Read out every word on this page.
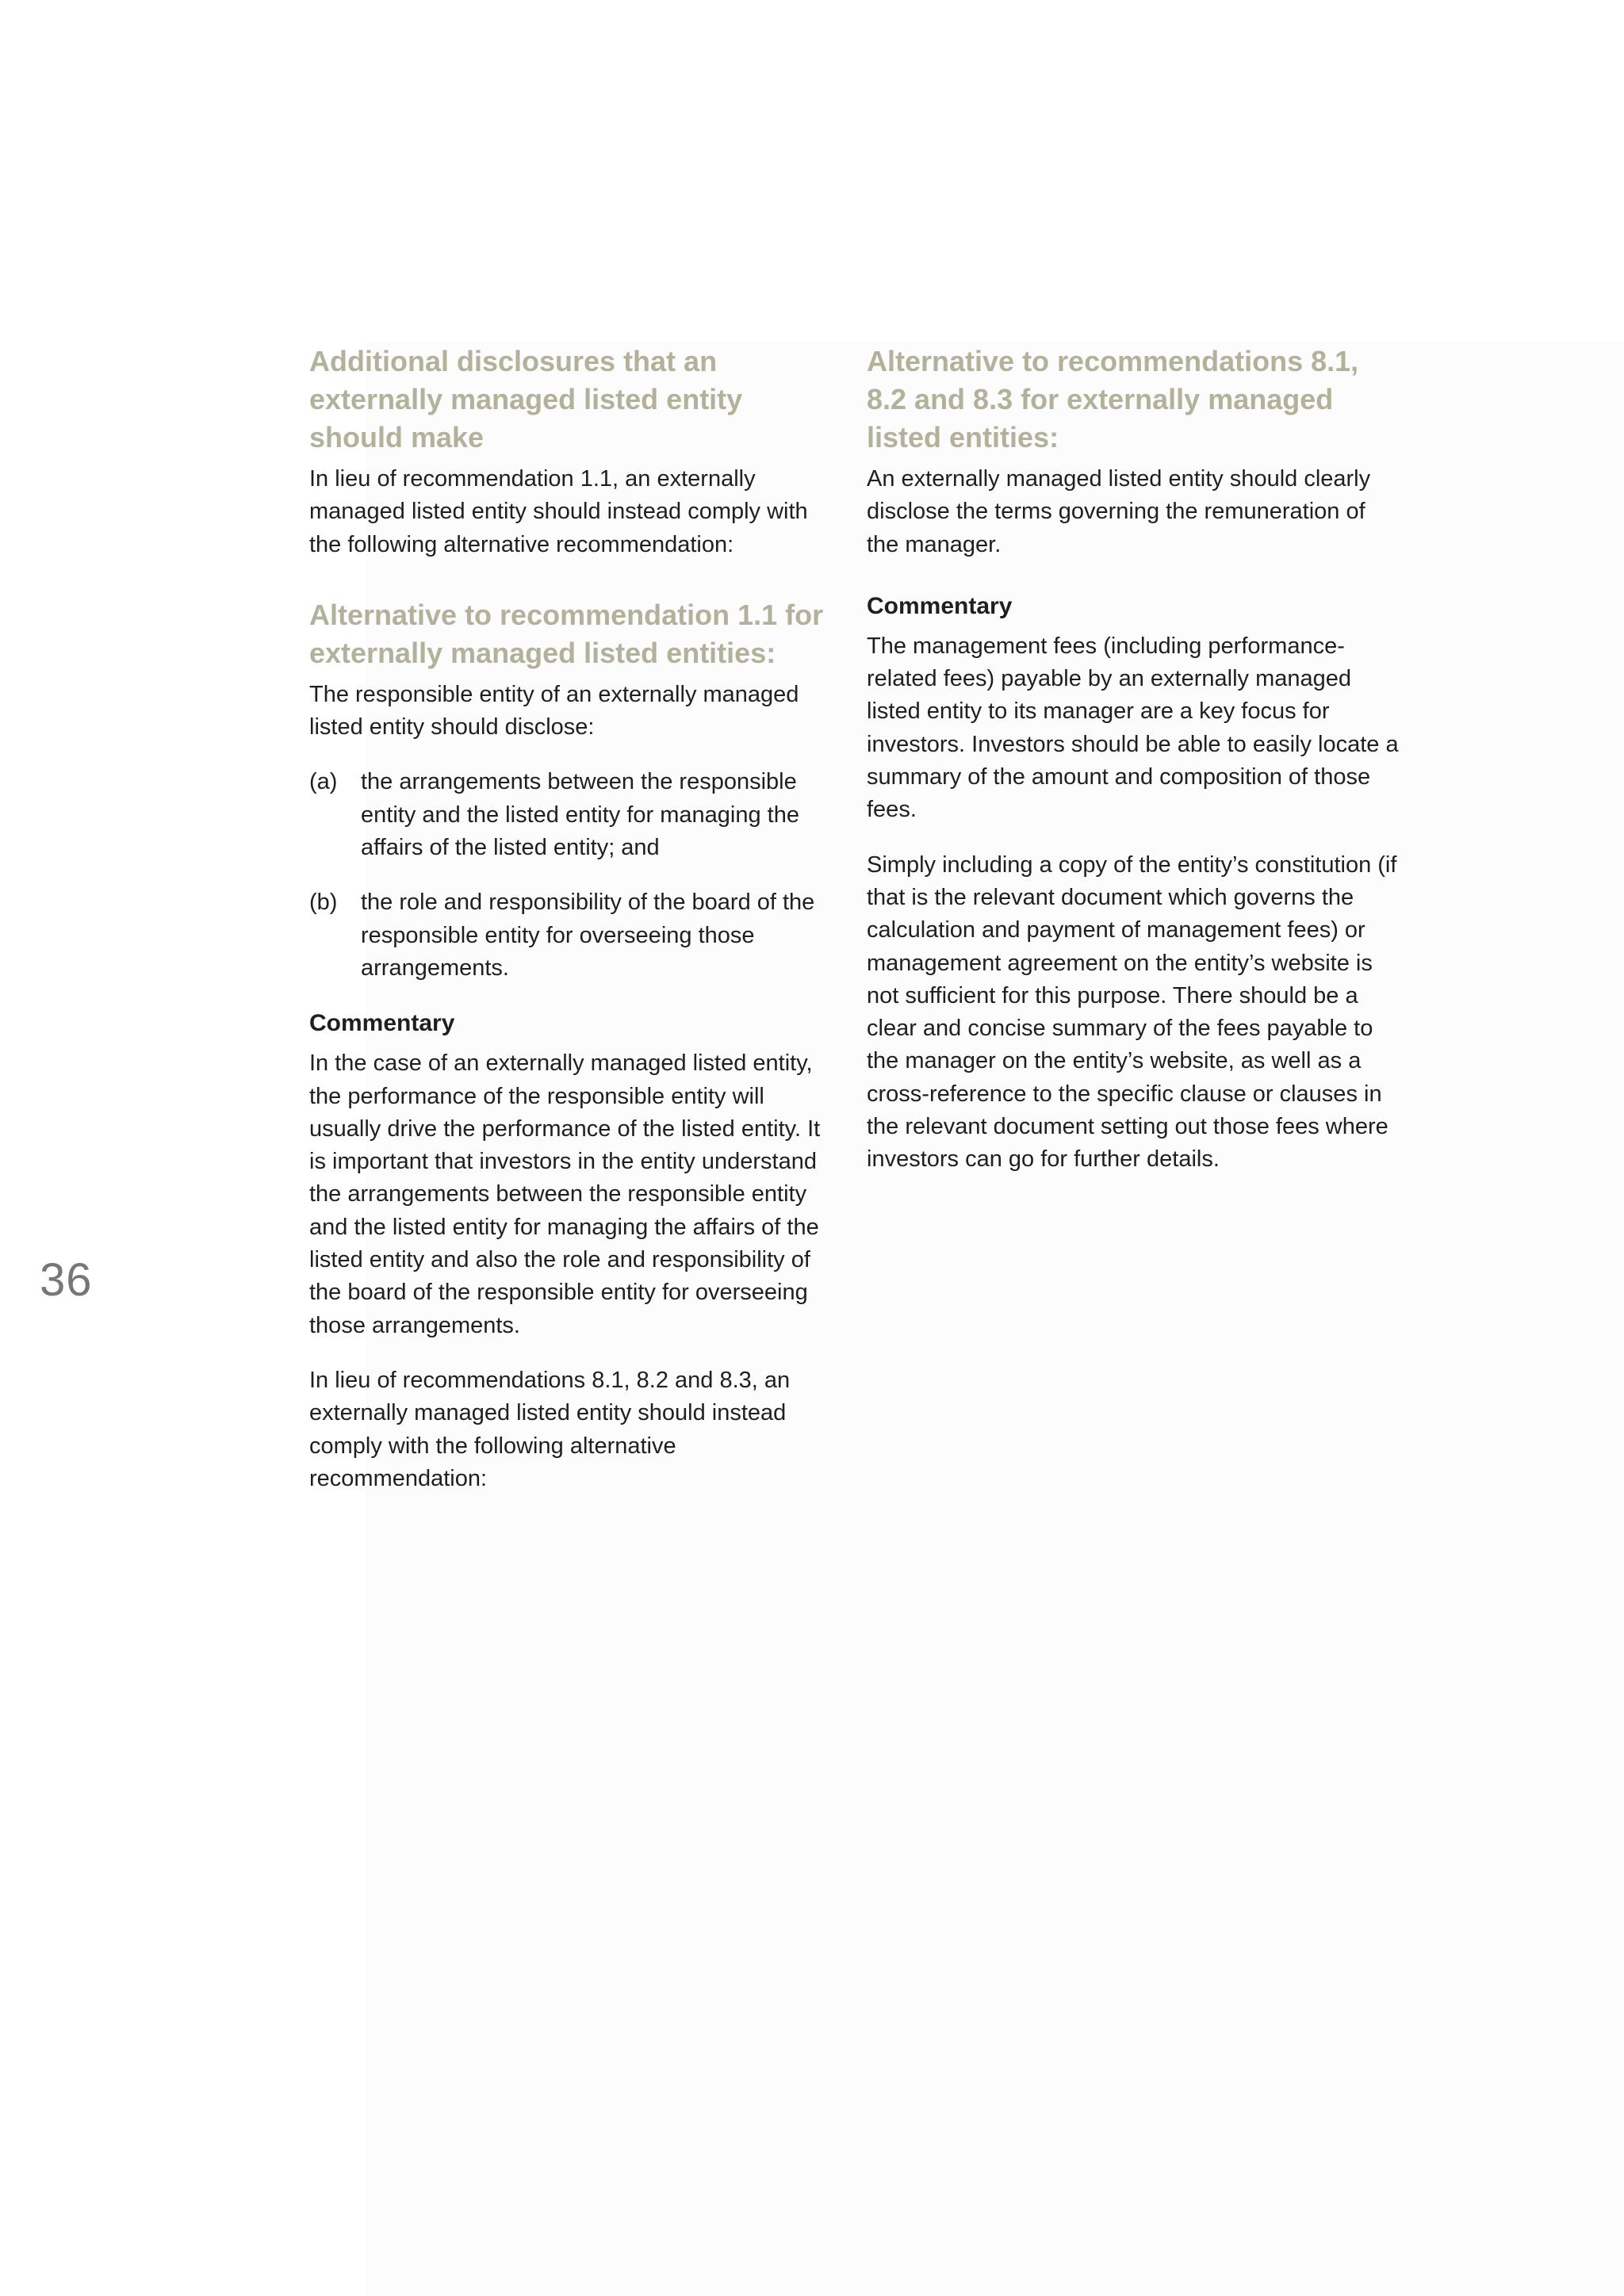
36
Additional disclosures that an externally managed listed entity should make

In lieu of recommendation 1.1, an externally managed listed entity should instead comply with the following alternative recommendation:

Alternative to recommendation 1.1 for externally managed listed entities:

The responsible entity of an externally managed listed entity should disclose:

(a)	the arrangements between the responsible entity and the listed entity for managing the affairs of the listed entity; and
(b)	the role and responsibility of the board of the responsible entity for overseeing those arrangements.
Commentary

In the case of an externally managed listed entity, the performance of the responsible entity will usually drive the performance of the listed entity. It is important that investors in the entity understand the arrangements between the responsible entity and the listed entity for managing the affairs of the listed entity and also the role and responsibility of the board of the responsible entity for overseeing those arrangements.

In lieu of recommendations 8.1, 8.2 and 8.3, an externally managed listed entity should instead comply with the following alternative recommendation:

Alternative to recommendations 8.1, 8.2 and 8.3 for externally managed listed entities:

An externally managed listed entity should clearly disclose the terms governing the remuneration of the manager.

Commentary

The management fees (including performance-related fees) payable by an externally managed listed entity to its manager are a key focus for investors. Investors should be able to easily locate a summary of the amount and composition of those fees.

Simply including a copy of the entity’s constitution (if that is the relevant document which governs the calculation and payment of management fees) or management agreement on the entity’s website is not sufficient for this purpose. There should be a clear and concise summary of the fees payable to the manager on the entity’s website, as well as a cross-reference to the specific clause or clauses in the relevant document setting out those fees where investors can go for further details.
